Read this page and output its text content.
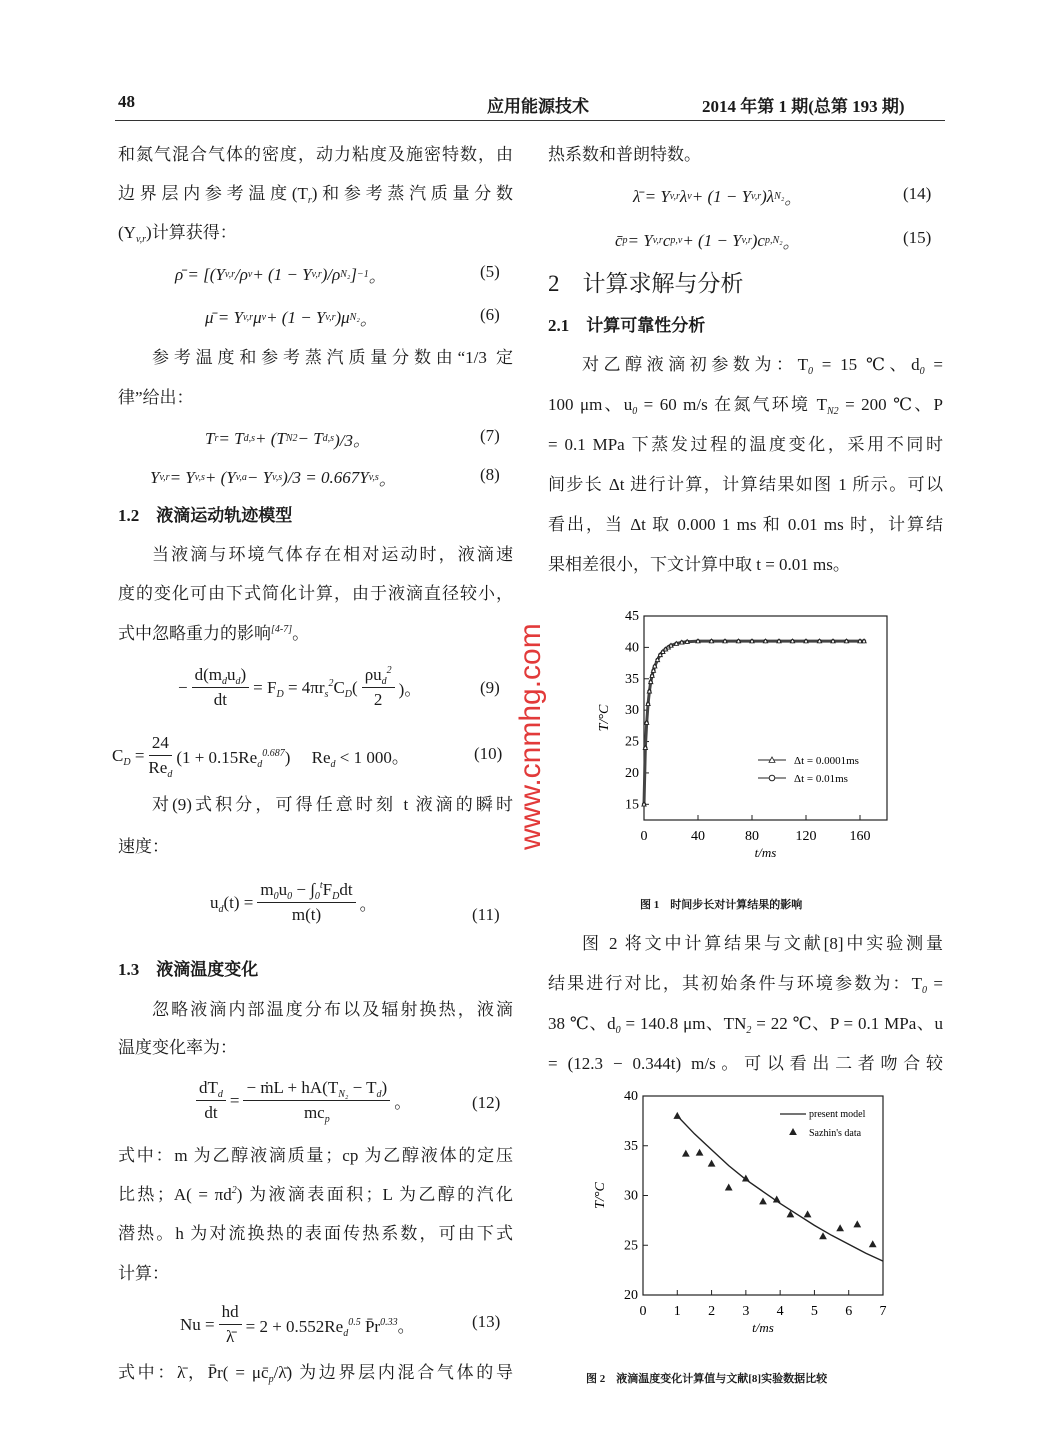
48	应用能源技术	2014 年第 1 期(总第 193 期)
和氮气混合气体的密度，动力粘度及施密特数，由
边界层内参考温度$(T_r)$和参考蒸汽质量分数
$(Y_{v,r})$计算获得：
ρ̄ = [(Y v,r /ρ v + (1 − Y v,r )/ρ N₂ ] −1 。	(5)
μ̄ = Y v,r μ v + (1 − Y v,r )μ N₂ 。	(6)
参考温度和参考蒸汽质量分数由“1/3 定
律”给出：
T r = T d,s + (T N2 − T d,s )/3。	(7)
Y v,r = Y v,s + (Y v,a − Y v,s )/3 = 0.667Y v,s 。	(8)
1.2　液滴运动轨迹模型
当液滴与环境气体存在相对运动时，液滴速
度的变化可由下式简化计算，由于液滴直径较小，
式中忽略重力的影响[4-7]。
− $\frac{d(m_du_d)}{dt} = F_D = 4\pi r_s^2C_D( \frac{\rho u_d^2}{2}$ )。	(9)
$C_D = \frac{24}{Re_d} (1 + 0.15Re_d^{0.687})$　 $Re_d < 1$ 000。	(10)
对(9)式积分，可得任意时刻 t 液滴的瞬时
速度：
$u_d(t) = \frac{m_0u_0 - \int_0^tF_Ddt}{m(t)}$ 。
(11)
1.3　液滴温度变化
忽略液滴内部温度分布以及辐射换热，液滴
温度变化率为：
$\frac{dT_d}{dt} = \frac{- ṁL + hA(T_{N_2} - T_d)}{mc_p}$ 。	(12)
式中：m 为乙醇液滴质量；cp 为乙醇液体的定压
比热；$A( = \pi d^2)$ 为液滴表面积；L 为乙醇的汽化
潜热。h 为对流换热的表面传热系数，可由下式
计算：
$Nu = \frac{hd}{\lambdā} = 2 + 0.552Re_d^{0.5}$ $P̄r^{0.33}$。	(13)
式中：λ̄，P̄r( = $\mu c̄_p/\lambdā$) 为边界层内混合气体的导
热系数和普朗特数。
λ̄ = Y v,r λ v + (1 − Y v,r )λ N₂ 。	(14)
c̄ p = Y v,r c p,v + (1 − Y v,r )c p,N₂ 。	(15)
2　计算求解与分析
2.1　计算可靠性分析
对乙醇液滴初参数为：$T_0 = 15$ ℃、$d_0$ =
100 μm、$u_0 = 60$ m/s 在氮气环境 $T_{N2} = 200$ ℃、P
= 0.1 MPa 下蒸发过程的温度变化，采用不同时
间步长 Δt 进行计算，计算结果如图 1 所示。可以
看出，当 Δt 取 0.000 1 ms 和 0.01 ms 时，计算结
果相差很小，下文计算中取 t = 0.01 ms。
0	40	80	120 160
15
20
25
30
35
40
45
t/ms
T/°C
Δt = 0.0001ms
Δt = 0.01ms
图 1　时间步长对计算结果的影响
图 2 将文中计算结果与文献[8]中实验测量
结果进行对比，其初始条件与环境参数为：$T_0$ =
38 ℃、$d_0 = 140.8$ μm、$TN_2 = 22$ ℃、P = 0.1 MPa、u
= (12.3 − 0.344t) m/s。可以看出二者吻合较
0 1 2 3 4 5 6 7
20
25
30
35
40
t/ms
T/°C
present model
Sazhin's data
图 2　液滴温度变化计算值与文献[8]实验数据比较
www.cnmhg.com
